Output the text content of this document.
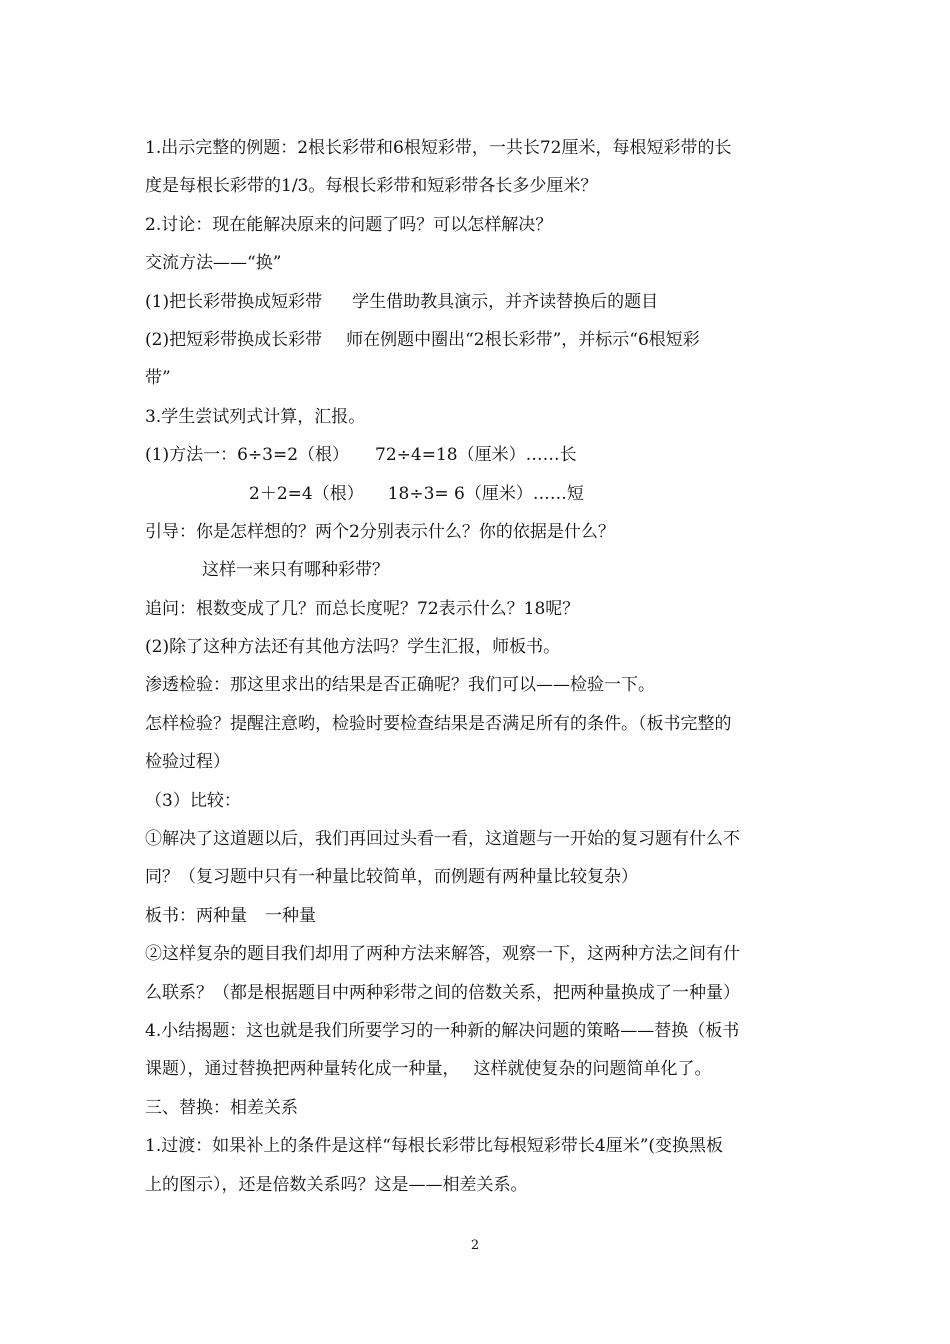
1.出示完整的例题：2根长彩带和6根短彩带，一共长72厘米，每根短彩带的长
度是每根长彩带的1/3。每根长彩带和短彩带各长多少厘米？
2.讨论：现在能解决原来的问题了吗？可以怎样解决？
交流方法——“换”
(1)把长彩带换成短彩带 学生借助教具演示，并齐读替换后的题目
(2)把短彩带换成长彩带 师在例题中圈出“2根长彩带”，并标示“6根短彩
带”
3.学生尝试列式计算，汇报。
(1)方法一：6÷3=2（根） 72÷4=18（厘米）……长
2＋2=4（根） 18÷3= 6（厘米）……短
引导：你是怎样想的？两个2分别表示什么？你的依据是什么？
这样一来只有哪种彩带？
追问：根数变成了几？而总长度呢？72表示什么？18呢？
(2)除了这种方法还有其他方法吗？学生汇报，师板书。
渗透检验：那这里求出的结果是否正确呢？我们可以——检验一下。
怎样检验？提醒注意哟，检验时要检查结果是否满足所有的条件。（板书完整的
检验过程）
（3）比较：
①解决了这道题以后，我们再回过头看一看，这道题与一开始的复习题有什么不
同？（复习题中只有一种量比较简单，而例题有两种量比较复杂）
板书：两种量 一种量
②这样复杂的题目我们却用了两种方法来解答，观察一下，这两种方法之间有什
么联系？（都是根据题目中两种彩带之间的倍数关系，把两种量换成了一种量）
4.小结揭题：这也就是我们所要学习的一种新的解决问题的策略——替换（板书
课题），通过替换把两种量转化成一种量， 这样就使复杂的问题简单化了。
三、替换：相差关系
1.过渡：如果补上的条件是这样“每根长彩带比每根短彩带长4厘米”(变换黑板
上的图示），还是倍数关系吗？这是——相差关系。
2
